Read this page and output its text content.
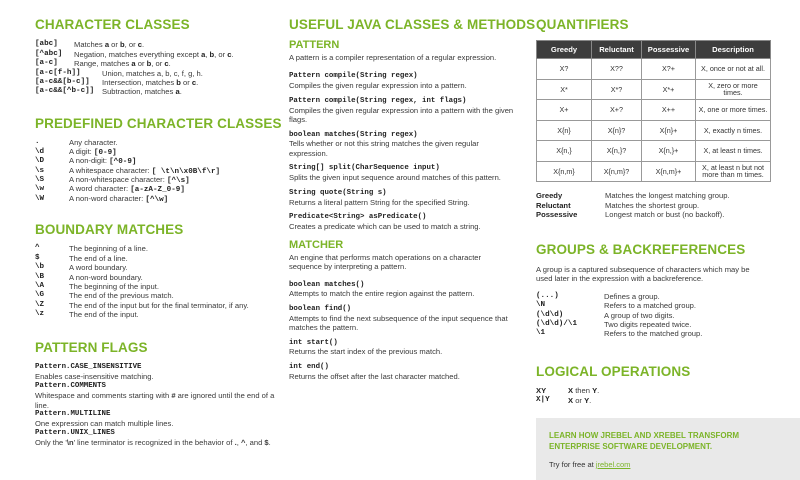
CHARACTER CLASSES
[abc]	Matches a or b, or c.
[^abc]	Negation, matches everything except a, b, or c.
[a-c]	Range, matches a or b, or c.
[a-c[f-h]]	Union, matches a, b, c, f, g, h.
[a-c&&[b-c]]	Intersection, matches b or c.
[a-c&&[^b-c]]	Subtraction, matches a.
PREDEFINED CHARACTER CLASSES
.	Any character.
\d	A digit: [0-9]
\D	A non-digit: [^0-9]
\s	A whitespace character: [ \t\n\x0B\f\r]
\S	A non-whitespace character: [^\s]
\w	A word character: [a-zA-Z_0-9]
\W	A non-word character: [^\w]
BOUNDARY MATCHES
^	The beginning of a line.
$	The end of a line.
\b	A word boundary.
\B	A non-word boundary.
\A	The beginning of the input.
\G	The end of the previous match.
\Z	The end of the input but for the final terminator, if any.
\z	The end of the input.
PATTERN FLAGS
Pattern.CASE_INSENSITIVE
Enables case-insensitive matching.
Pattern.COMMENTS
Whitespace and comments starting with # are ignored until the end of a line.
Pattern.MULTILINE
One expression can match multiple lines.
Pattern.UNIX_LINES
Only the '\n' line terminator is recognized in the behavior of ., ^, and $.
USEFUL JAVA CLASSES & METHODS
PATTERN
A pattern is a compiler representation of a regular expression.
Pattern compile(String regex)
Compiles the given regular expression into a pattern.
Pattern compile(String regex, int flags)
Compiles the given regular expression into a pattern with the given flags.
boolean matches(String regex)
Tells whether or not this string matches the given regular expression.
String[] split(CharSequence input)
Splits the given input sequence around matches of this pattern.
String quote(String s)
Returns a literal pattern String for the specified String.
Predicate<String> asPredicate()
Creates a predicate which can be used to match a string.
MATCHER
An engine that performs match operations on a character sequence by interpreting a pattern.
boolean matches()
Attempts to match the entire region against the pattern.
boolean find()
Attempts to find the next subsequence of the input sequence that matches the pattern.
int start()
Returns the start index of the previous match.
int end()
Returns the offset after the last character matched.
QUANTIFIERS
Greedy	Reluctant	Possessive	Description
X?	X??	X?+	X, once or not at all.
X*	X*?	X*+	X, zero or more times.
X+	X+?	X++	X, one or more times.
X{n}	X{n}?	X{n}+	X, exactly n times.
X{n,}	X{n,}?	X{n,}+	X, at least n times.
X{n,m}	X{n,m}?	X{n,m}+	X, at least n but not more than m times.
Greedy	Matches the longest matching group.
Reluctant	Matches the shortest group.
Possessive	Longest match or bust (no backoff).
GROUPS & BACKREFERENCES
A group is a captured subsequence of characters which may be used later in the expression with a backreference.
(...)	Defines a group.
\N	Refers to a matched group.
(\d\d)	A group of two digits.
(\d\d)/\1	Two digits repeated twice.
\1	Refers to the matched group.
LOGICAL OPERATIONS
XY	X then Y.
X|Y	X or Y.
LEARN HOW JREBEL AND XREBEL TRANSFORM ENTERPRISE SOFTWARE DEVELOPMENT.
Try for free at jrebel.com
